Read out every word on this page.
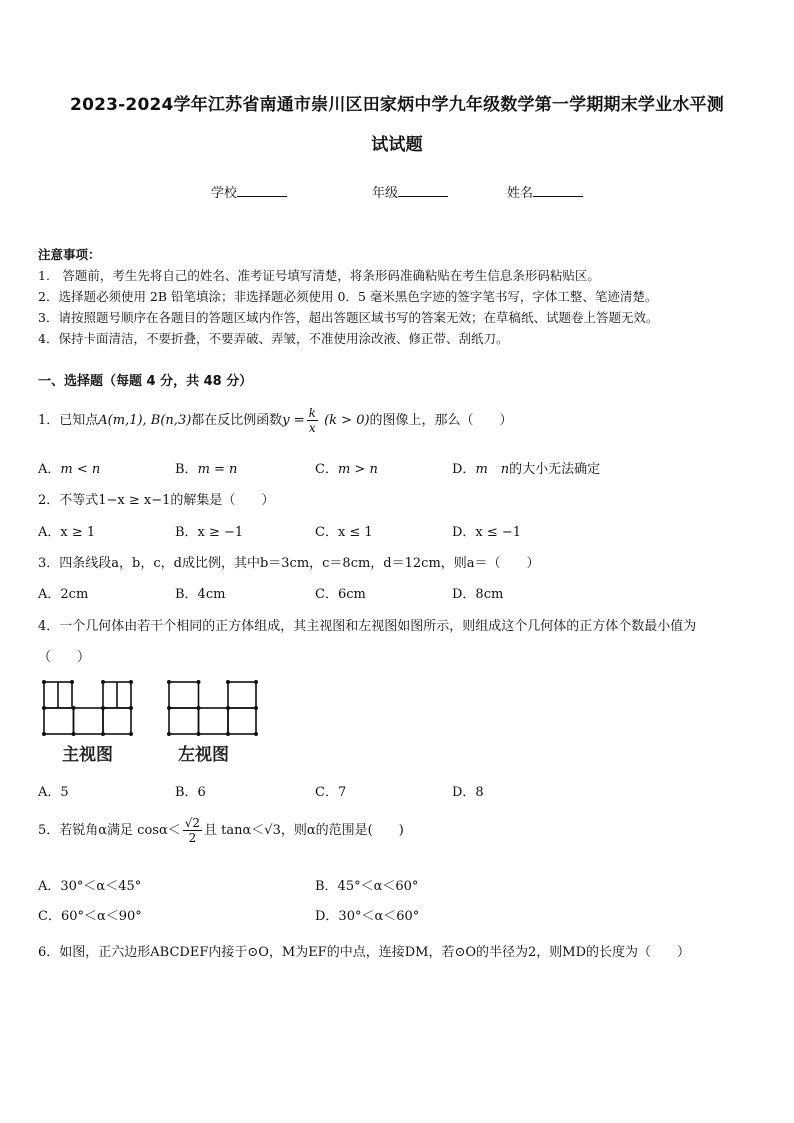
2023-2024学年江苏省南通市崇川区田家炳中学九年级数学第一学期期末学业水平测
试试题
学校	年级	姓名
注意事项：
1.　答题前，考生先将自己的姓名、准考证号填写清楚，将条形码准确粘贴在考生信息条形码粘贴区。
2．选择题必须使用 2B 铅笔填涂；非选择题必须使用 0．5 毫米黑色字迹的签字笔书写，字体工整、笔迹清楚。
3．请按照题号顺序在各题目的答题区域内作答，超出答题区域书写的答案无效；在草稿纸、试题卷上答题无效。
4．保持卡面清洁，不要折叠，不要弄破、弄皱，不准使用涂改液、修正带、刮纸刀。
一、选择题（每题 4 分，共 48 分）
1．已知点A(m,1), B(n,3)都在反比例函数$y = \frac{k}{x} (k > 0)$的图像上，那么（　　）
A．m < n	B．m = n	C．m > n	D．m　n的大小无法确定
2．不等式1−x ≥ x−1的解集是（　　）
A．x ≥ 1	B．x ≥ −1	C．x ≤ 1	D．x ≤ −1
3．四条线段a，b，c，d成比例，其中b＝3cm，c＝8cm，d＝12cm，则a＝（　　）
A．2cm	B．4cm	C．6cm	D．8cm
4．一个几何体由若干个相同的正方体组成，其主视图和左视图如图所示，则组成这个几何体的正方体个数最小值为
（　　）
主视图	左视图
A．5	B．6	C．7	D．8
5．若锐角α满足 $\cos\alpha< \frac{√2}{2}$ 且 tanα＜√3，则α的范围是(　　)
A．30°＜α＜45°	B．45°＜α＜60°
C．60°＜α＜90°	D．30°＜α＜60°
6．如图，正六边形ABCDEF内接于⊙O，M为EF的中点，连接DM，若⊙O的半径为2，则MD的长度为（　　）
